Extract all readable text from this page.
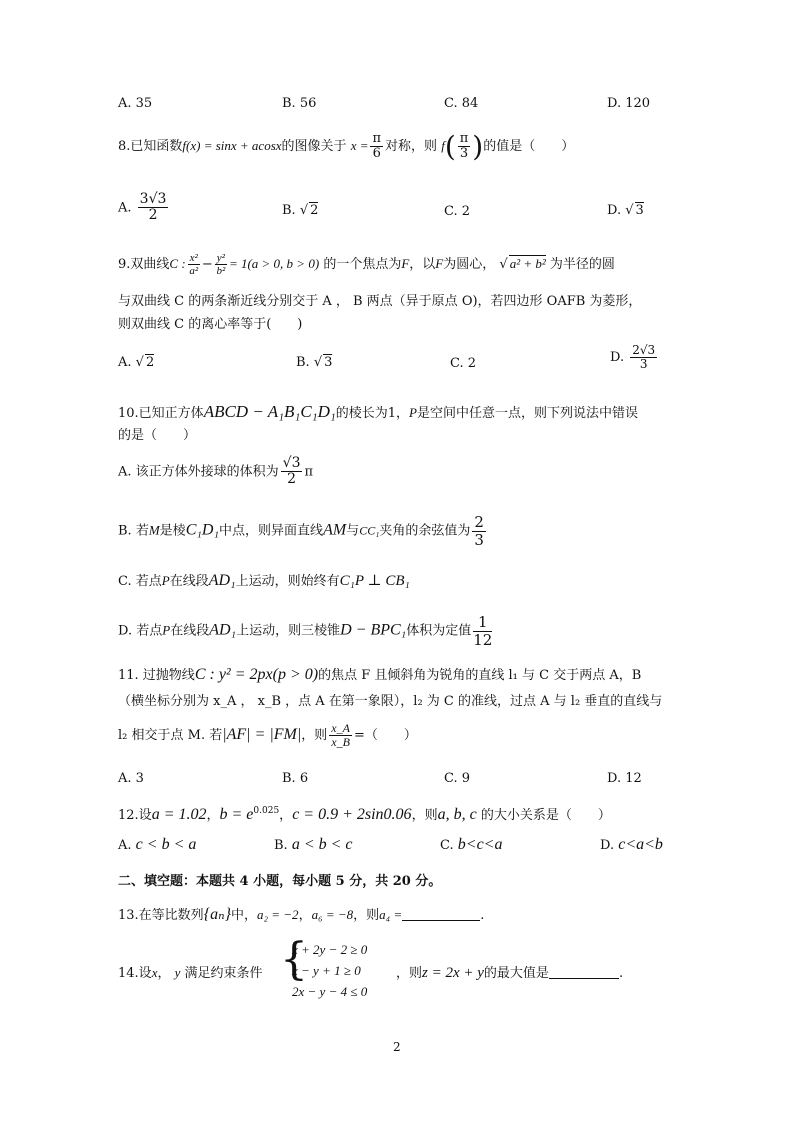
A. 35	B. 56	C. 84	D. 120
8.已知函数f(x) = sinx + acosx的图像关于 $x = \frac{\pi}{6}$ 对称，则 $f( \frac{\pi}{3}$ )的值是（　　）
A. $\frac{3√3}{2}$	B. √ 2	C. 2	D. √ 3
9.双曲线C : $\frac{\text{x²}}{\text{a²}} - \frac{\text{y²}}{\text{b²}} = 1(a > 0$, b > 0) 的一个焦点为F，以F为圆心， √ a² + b² 为半径的圆
与双曲线 C 的两条渐近线分别交于 A ， B 两点（异于原点 O)，若四边形 OAFB 为菱形，
则双曲线 C 的离心率等于(　　)
A. √ 2	B. √ 3	C. 2	D. $\frac{2√3}{3}$
10.已知正方体ABCD − A₁B₁C₁D₁的棱长为1，P是空间中任意一点，则下列说法中错误
的是（　　）
A. 该正方体外接球的体积为 $\frac{√3}{2}$ π
B. 若M是棱C₁D₁中点，则异面直线AM与CC₁夹角的余弦值为 $\frac{2}{3}$
C. 若点P在线段AD₁上运动，则始终有C₁P ⊥ CB₁
D. 若点P在线段AD₁上运动，则三棱锥D − BPC₁体积为定值 $\frac{1}{12}$
11. 过抛物线C : y² = 2px(p > 0)的焦点 F 且倾斜角为锐角的直线 l₁ 与 C 交于两点 A，B
（横坐标分别为 x_A ， x_B ，点 A 在第一象限），l₂ 为 C 的准线，过点 A 与 l₂ 垂直的直线与
l₂ 相交于点 M. 若|AF| = |FM|，则 $\frac{x\_A}{x\_B}$ =（　　）
A. 3	B. 6	C. 9	D. 12
12.设a = 1.02，$b = e^{0.025}$，c = 0.9 + 2sin0.06，则a, b, c 的大小关系是（　　）
A. c < b < a	B. a < b < c	C. b<c<a	D. c<a<b
二、填空题：本题共 4 小题，每小题 5 分，共 20 分。
13.在等比数列{aₙ}中，a₂ = −2，a₆ = −8，则a₄ =	.
14.设x， y 满足约束条件 {
x + 2y − 2 ≥ 0
x − y + 1 ≥ 0
2x − y − 4 ≤ 0
，则z = 2x + y的最大值是	.
2
